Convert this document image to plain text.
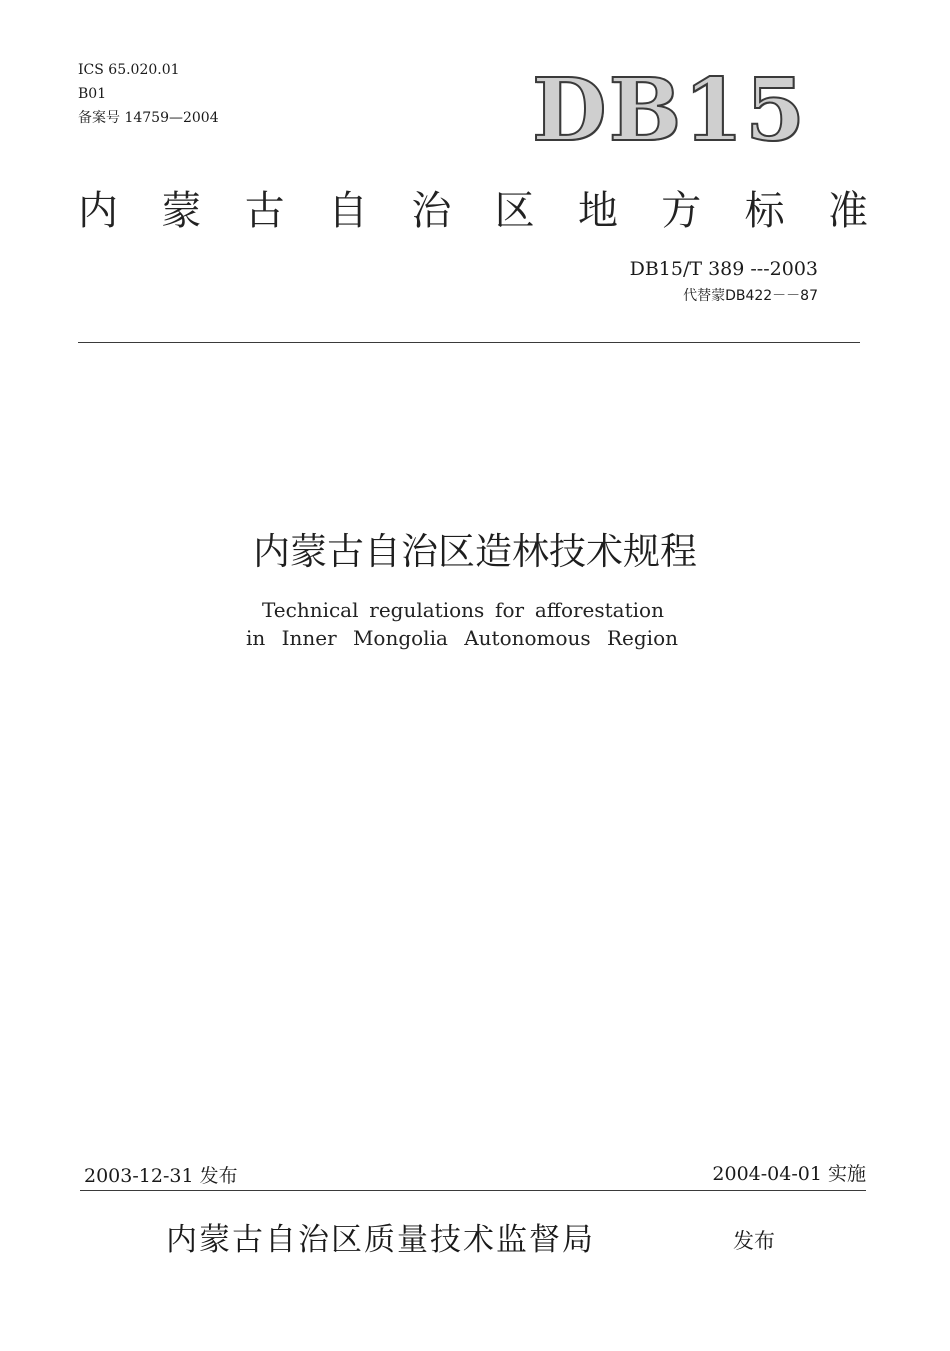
ICS 65.020.01
B01
备案号 14759—2004	DB15
内 蒙 古 自 治 区 地 方 标 准
DB15/T 389 ---2003
代替蒙DB422－－87
内蒙古自治区造林技术规程
Technical regulations for afforestation
in Inner Mongolia Autonomous Region
2003-12-31 发布	2004-04-01 实施
内蒙古自治区质量技术监督局	发布
